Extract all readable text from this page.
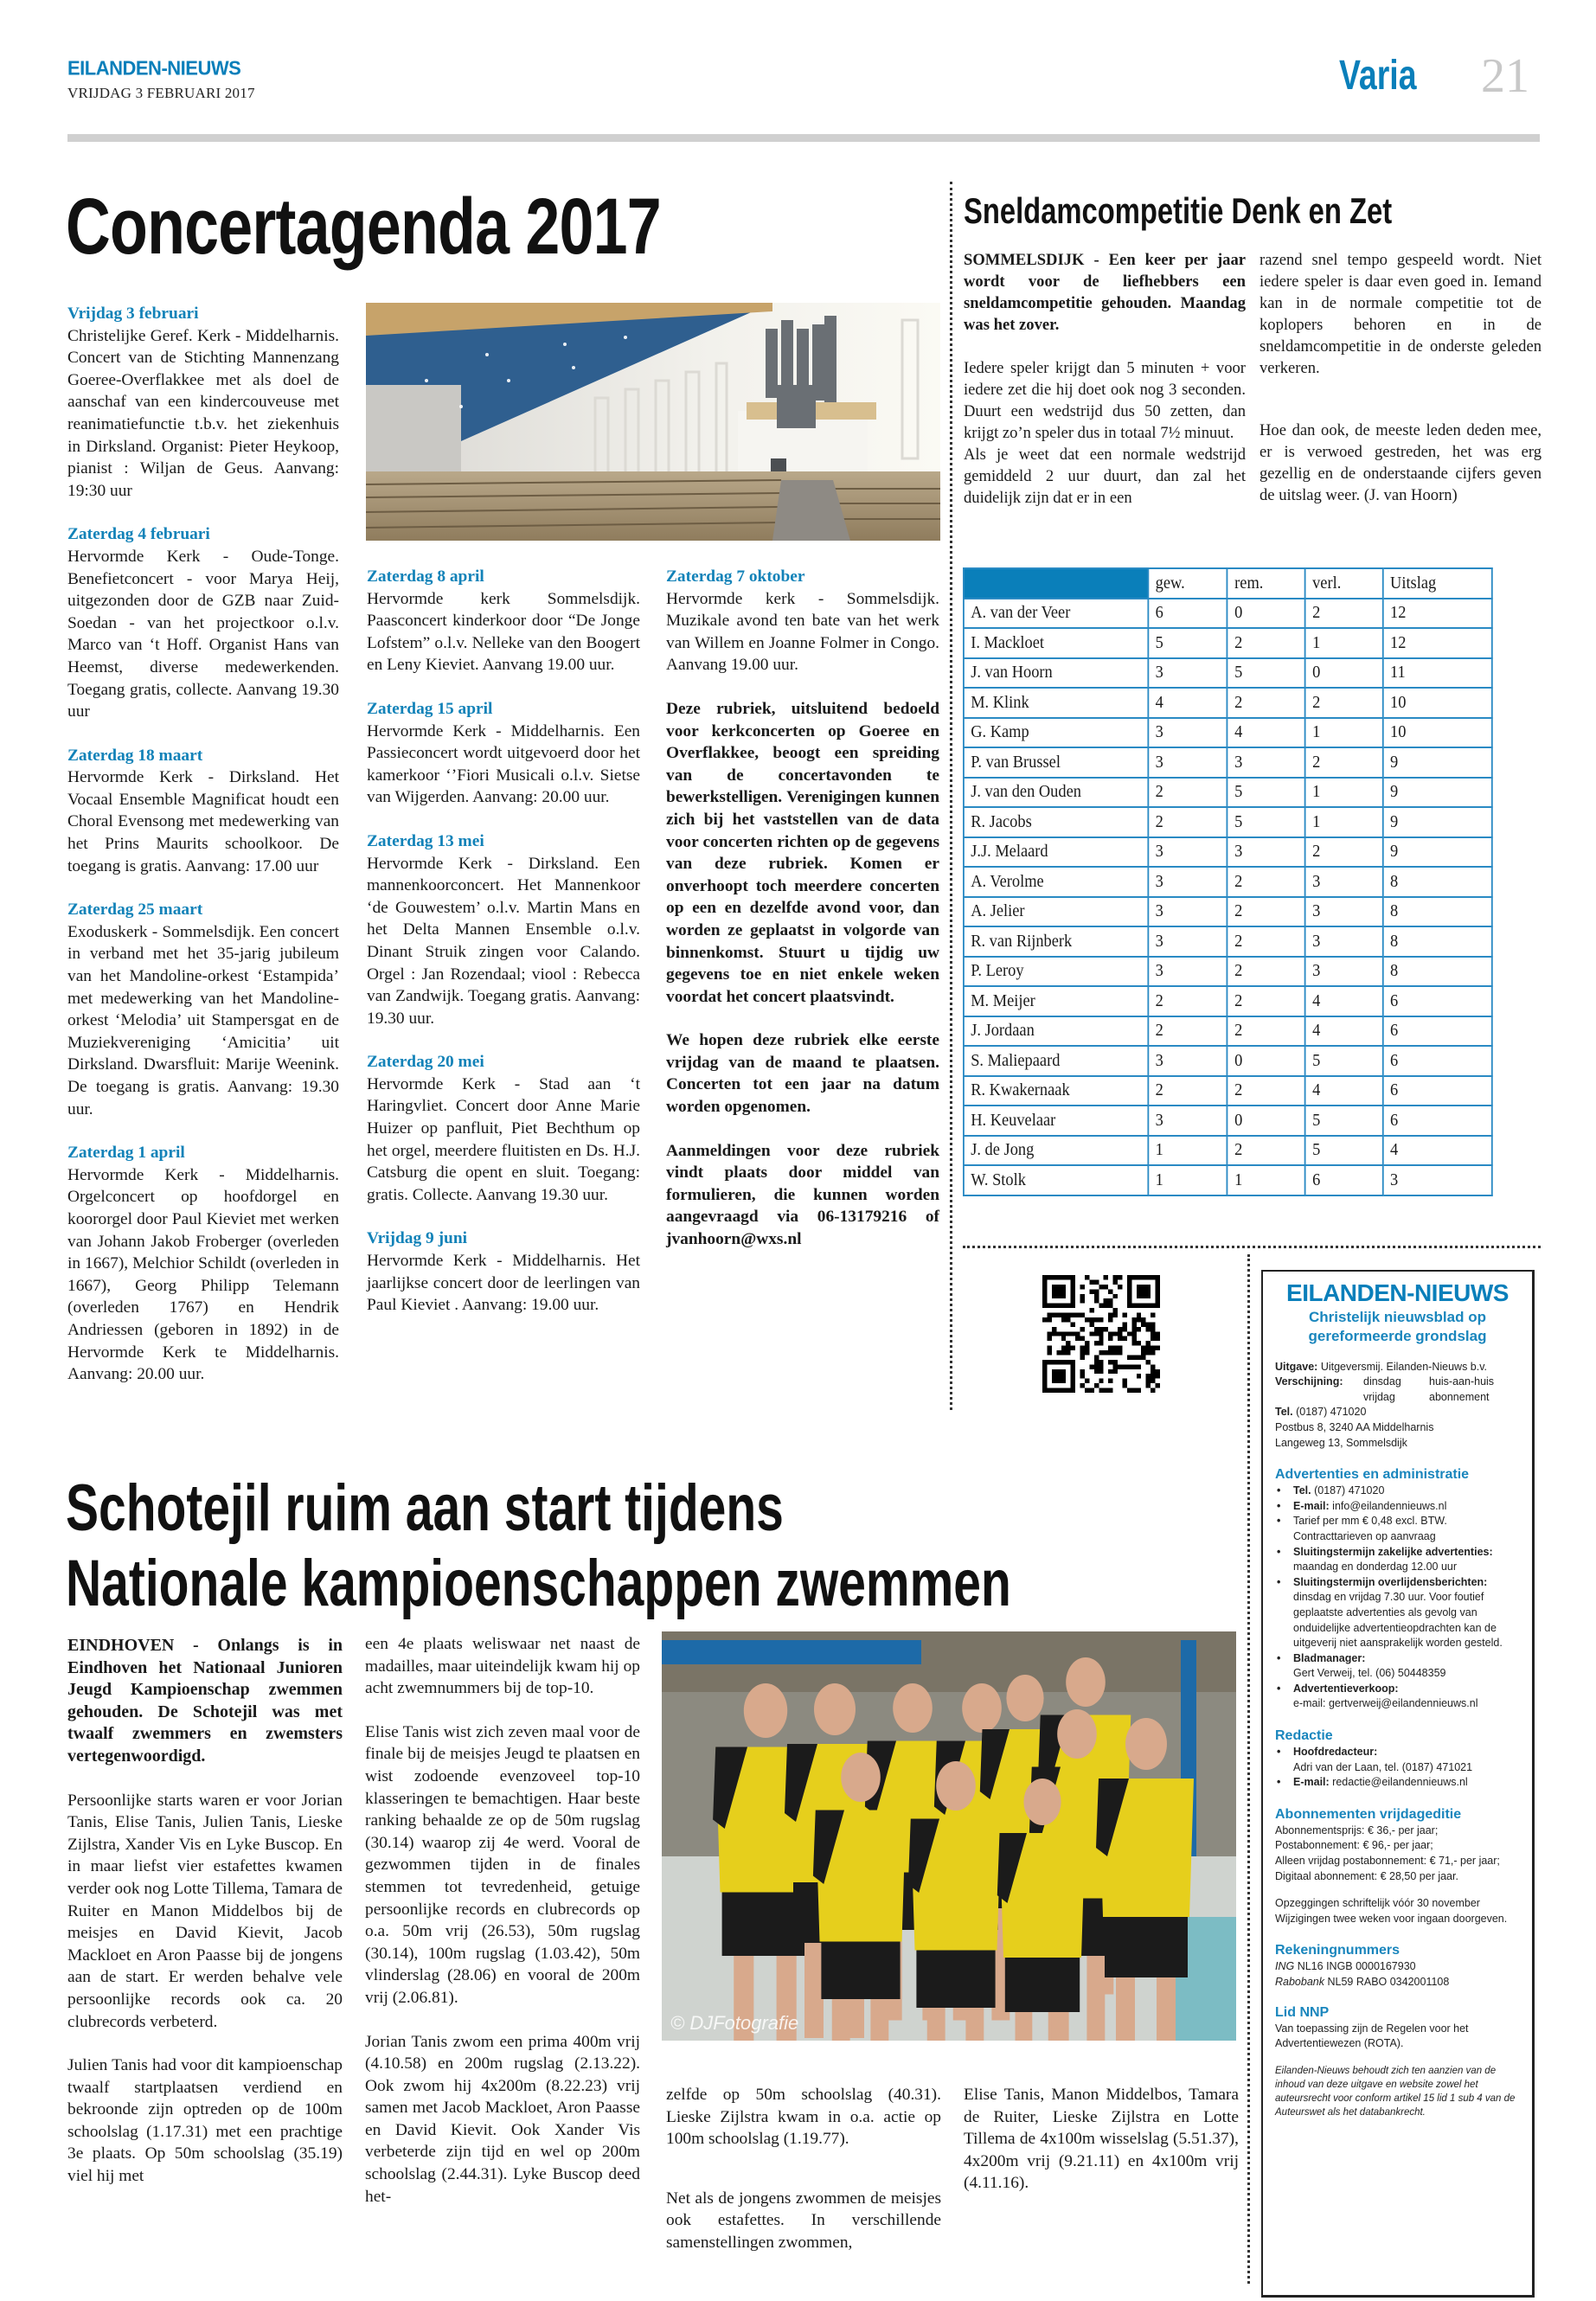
EILANDEN-NIEUWS
VRIJDAG 3 FEBRUARI 2017	Varia 21
Concertagenda 2017
Vrijdag 3 februari
Christelijke Geref. Kerk - Middelharnis. Concert van de Stichting Mannenzang Goeree-Overflakkee met als doel de aanschaf van een kindercouveuse met reanimatiefunctie t.b.v. het ziekenhuis in Dirksland. Organist: Pieter Heykoop, pianist : Wiljan de Geus. Aanvang: 19:30 uur
Zaterdag 4 februari
Hervormde Kerk - Oude-Tonge. Benefietconcert - voor Marya Heij, uitgezonden door de GZB naar Zuid-Soedan - van het projectkoor o.l.v. Marco van ‘t Hoff. Organist Hans van Heemst, diverse medewerkenden. Toegang gratis, collecte. Aanvang 19.30 uur
Zaterdag 18 maart
Hervormde Kerk - Dirksland. Het Vocaal Ensemble Magnificat houdt een Choral Evensong met medewerking van het Prins Maurits schoolkoor. De toegang is gratis. Aanvang: 17.00 uur
Zaterdag 25 maart
Exoduskerk - Sommelsdijk. Een concert in verband met het 35-jarig jubileum van het Mandoline-orkest ‘Estampida’ met medewerking van het Mandoline-orkest ‘Melodia’ uit Stampersgat en de Muziekvereniging ‘Amicitia’ uit Dirksland. Dwarsfluit: Marije Weenink. De toegang is gratis. Aanvang: 19.30 uur.
Zaterdag 1 april
Hervormde Kerk - Middelharnis. Orgelconcert op hoofdorgel en koororgel door Paul Kieviet met werken van Johann Jakob Froberger (overleden in 1667), Melchior Schildt (overleden in 1667), Georg Philipp Telemann (overleden 1767) en Hendrik Andriessen (geboren in 1892) in de Hervormde Kerk te Middelharnis. Aanvang: 20.00 uur.
Zaterdag 8 april
Hervormde kerk Sommelsdijk. Paasconcert kinderkoor door “De Jonge Lofstem” o.l.v. Nelleke van den Boogert en Leny Kieviet. Aanvang 19.00 uur.
Zaterdag 15 april
Hervormde Kerk - Middelharnis. Een Passieconcert wordt uitgevoerd door het kamerkoor ‘’Fiori Musicali o.l.v. Sietse van Wijgerden. Aanvang: 20.00 uur.
Zaterdag 13 mei
Hervormde Kerk - Dirksland. Een mannenkoorconcert. Het Mannenkoor ‘de Gouwestem’ o.l.v. Martin Mans en het Delta Mannen Ensemble o.l.v. Dinant Struik zingen voor Calando. Orgel : Jan Rozendaal; viool : Rebecca van Zandwijk. Toegang gratis. Aanvang: 19.30 uur.
Zaterdag 20 mei
Hervormde Kerk - Stad aan ‘t Haringvliet. Concert door Anne Marie Huizer op panfluit, Piet Bechthum op het orgel, meerdere fluitisten en Ds. H.J. Catsburg die opent en sluit. Toegang: gratis. Collecte. Aanvang 19.30 uur.
Vrijdag 9 juni
Hervormde Kerk - Middelharnis. Het jaarlijkse concert door de leerlingen van Paul Kieviet . Aanvang: 19.00 uur.
Zaterdag 7 oktober
Hervormde kerk - Sommelsdijk. Muzikale avond ten bate van het werk van Willem en Joanne Folmer in Congo. Aanvang 19.00 uur.
Deze rubriek, uitsluitend bedoeld voor kerkconcerten op Goeree en Overflakkee, beoogt een spreiding van de concertavonden te bewerkstelligen. Verenigingen kunnen zich bij het vaststellen van de data voor concerten richten op de gegevens van deze rubriek. Komen er onverhoopt toch meerdere concerten op een en dezelfde avond voor, dan worden ze geplaatst in volgorde van binnenkomst. Stuurt u tijdig uw gegevens toe en niet enkele weken voordat het concert plaatsvindt.
We hopen deze rubriek elke eerste vrijdag van de maand te plaatsen. Concerten tot een jaar na datum worden opgenomen.
Aanmeldingen voor deze rubriek vindt plaats door middel van formulieren, die kunnen worden aangevraagd via 06-13179216 of jvanhoorn@wxs.nl
Sneldamcompetitie Denk en Zet
SOMMELSDIJK - Een keer per jaar wordt voor de liefhebbers een sneldamcompetitie gehouden. Maandag was het zover.
Iedere speler krijgt dan 5 minuten + voor iedere zet die hij doet ook nog 3 seconden. Duurt een wedstrijd dus 50 zetten, dan krijgt zo’n speler dus in totaal 7½ minuut.
Als je weet dat een normale wedstrijd gemiddeld 2 uur duurt, dan zal het duidelijk zijn dat er in een
razend snel tempo gespeeld wordt. Niet iedere speler is daar even goed in. Iemand kan in de normale competitie tot de koplopers behoren en in de sneldamcompetitie in de onderste geleden verkeren.
Hoe dan ook, de meeste leden deden mee, er is verwoed gestreden, het was erg gezellig en de onderstaande cijfers geven de uitslag weer. (J. van Hoorn)
	gew.	rem.	verl.	Uitslag
A. van der Veer	6	0	2	12
I. Mackloet	5	2	1	12
J. van Hoorn	3	5	0	11
M. Klink	4	2	2	10
G. Kamp	3	4	1	10
P. van Brussel	3	3	2	9
J. van den Ouden	2	5	1	9
R. Jacobs	2	5	1	9
J.J. Melaard	3	3	2	9
A. Verolme	3	2	3	8
A. Jelier	3	2	3	8
R. van Rijnberk	3	2	3	8
P. Leroy	3	2	3	8
M. Meijer	2	2	4	6
J. Jordaan	2	2	4	6
S. Maliepaard	3	0	5	6
R. Kwakernaak	2	2	4	6
H. Keuvelaar	3	0	5	6
J. de Jong	1	2	5	4
W. Stolk	1	1	6	3
EILANDEN-NIEUWS
Christelijk nieuwsblad op gereformeerde grondslag
Uitgave: Uitgeversmij. Eilanden-Nieuws b.v.
Verschijning:	dinsdag	huis-aan-huis
vrijdag	abonnement
Tel. (0187) 471020
Postbus 8, 3240 AA Middelharnis
Langeweg 13, Sommelsdijk
Advertenties en administratie
• Tel. (0187) 471020
• E-mail: info@eilandennieuws.nl
• Tarief per mm € 0,48 excl. BTW. Contracttarieven op aanvraag
• Sluitingstermijn zakelijke advertenties:
maandag en donderdag 12.00 uur
• Sluitingstermijn overlijdensberichten:
dinsdag en vrijdag 7.30 uur. Voor foutief geplaatste advertenties als gevolg van onduidelijke advertentieopdrachten kan de uitgeverij niet aansprakelijk worden gesteld.
• Bladmanager:
Gert Verweij, tel. (06) 50448359
• Advertentieverkoop:
e-mail: gertverweij@eilandennieuws.nl
Redactie
• Hoofdredacteur:
Adri van der Laan, tel. (0187) 471021
• E-mail: redactie@eilandennieuws.nl
Abonnementen vrijdageditie
Abonnementsprijs: € 36,- per jaar;
Postabonnement: € 96,- per jaar;
Alleen vrijdag postabonnement: € 71,- per jaar;
Digitaal abonnement: € 28,50 per jaar.
Opzeggingen schriftelijk vóór 30 november
Wijzigingen twee weken voor ingaan doorgeven.
Rekeningnummers
ING NL16 INGB 0000167930
Rabobank NL59 RABO 0342001108
Lid NNP
Van toepassing zijn de Regelen voor het Advertentiewezen (ROTA).
Eilanden-Nieuws behoudt zich ten aanzien van de inhoud van deze uitgave en website zowel het auteursrecht voor conform artikel 15 lid 1 sub 4 van de Auteurswet als het databankrecht.
Schotejil ruim aan start tijdens
Nationale kampioenschappen zwemmen
EINDHOVEN - Onlangs is in Eindhoven het Nationaal Junioren Jeugd Kampioenschap zwemmen gehouden. De Schotejil was met twaalf zwemmers en zwemsters vertegenwoordigd.
Persoonlijke starts waren er voor Jorian Tanis, Elise Tanis, Julien Tanis, Lieske Zijlstra, Xander Vis en Lyke Buscop. En in maar liefst vier estafettes kwamen verder ook nog Lotte Tillema, Tamara de Ruiter en Manon Middelbos bij de meisjes en David Kievit, Jacob Mackloet en Aron Paasse bij de jongens aan de start. Er werden behalve vele persoonlijke records ook ca. 20 clubrecords verbeterd.
Julien Tanis had voor dit kampioenschap twaalf startplaatsen verdiend en bekroonde zijn optreden op de 100m schoolslag (1.17.31) met een prachtige 3e plaats. Op 50m schoolslag (35.19) viel hij met
een 4e plaats weliswaar net naast de madailles, maar uiteindelijk kwam hij op acht zwemnummers bij de top-10.
Elise Tanis wist zich zeven maal voor de finale bij de meisjes Jeugd te plaatsen en wist zodoende evenzoveel top-10 klasseringen te bemachtigen. Haar beste ranking behaalde ze op de 50m rugslag (30.14) waarop zij 4e werd. Vooral de gezwommen tijden in de finales stemmen tot tevredenheid, getuige persoonlijke records en clubrecords op o.a. 50m vrij (26.53), 50m rugslag (30.14), 100m rugslag (1.03.42), 50m vlinderslag (28.06) en vooral de 200m vrij (2.06.81).
Jorian Tanis zwom een prima 400m vrij (4.10.58) en 200m rugslag (2.13.22). Ook zwom hij 4x200m (8.22.23) vrij samen met Jacob Mackloet, Aron Paasse en David Kievit. Ook Xander Vis verbeterde zijn tijd en wel op 200m schoolslag (2.44.31). Lyke Buscop deed het-
© DJFotografie
zelfde op 50m schoolslag (40.31). Lieske Zijlstra kwam in o.a. actie op 100m schoolslag (1.19.77).
Net als de jongens zwommen de meisjes ook estafettes. In verschillende samenstellingen zwommen,
Elise Tanis, Manon Middelbos, Tamara de Ruiter, Lieske Zijlstra en Lotte Tillema de 4x100m wisselslag (5.51.37), 4x200m vrij (9.21.11) en 4x100m vrij (4.11.16).
